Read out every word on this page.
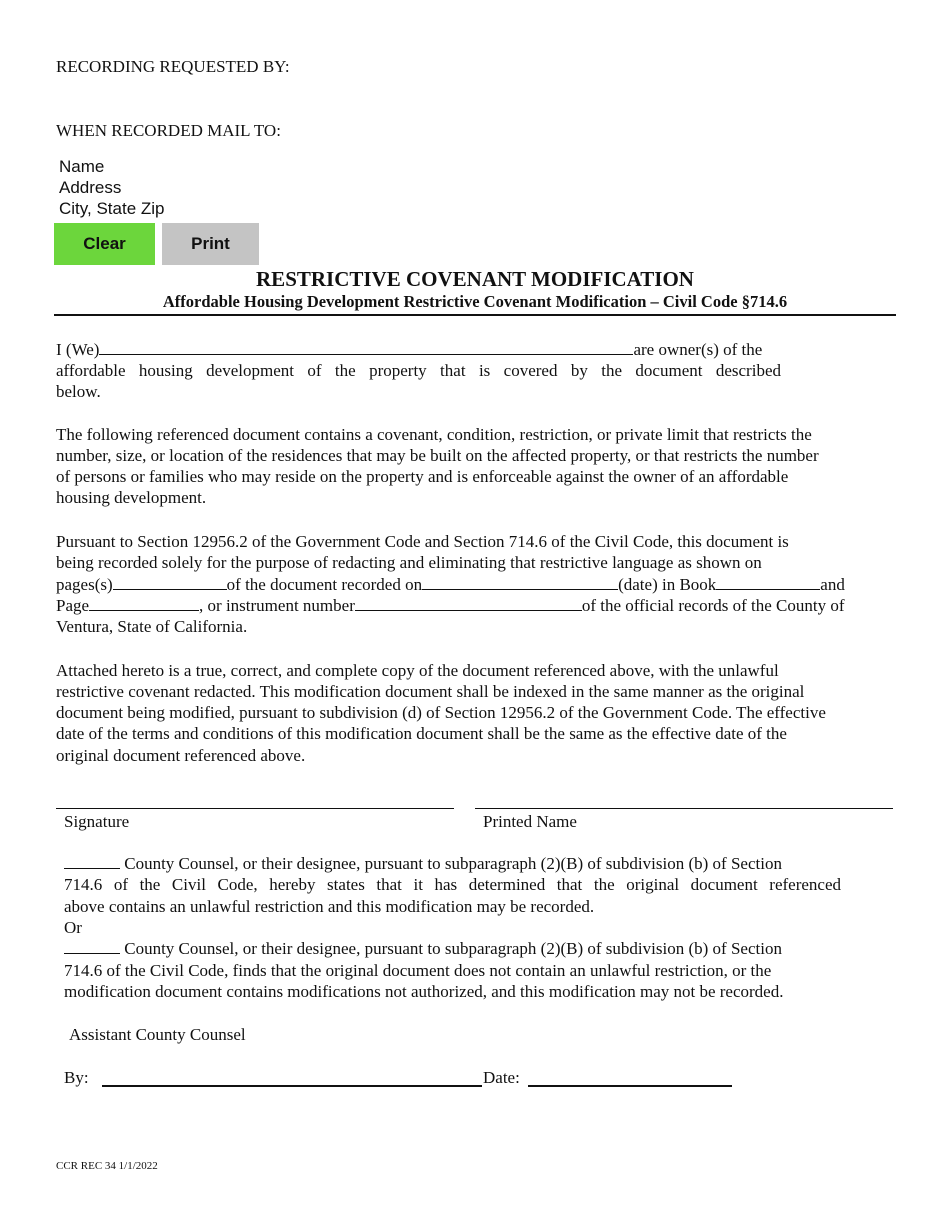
RECORDING REQUESTED BY:
WHEN RECORDED MAIL TO:
Name
Address
City, State Zip
Clear	Print
RESTRICTIVE COVENANT MODIFICATION
Affordable Housing Development Restrictive Covenant Modification – Civil Code §714.6
I (We)	are owner(s) of the
affordable housing development of the property that is covered by the document described
below.
The following referenced document contains a covenant, condition, restriction, or private limit that restricts the
number, size, or location of the residences that may be built on the affected property, or that restricts the number
of persons or families who may reside on the property and is enforceable against the owner of an affordable
housing development.
Pursuant to Section 12956.2 of the Government Code and Section 714.6 of the Civil Code, this document is
being recorded solely for the purpose of redacting and eliminating that restrictive language as shown on
pages(s)	of the document recorded on	(date) in Book	and
Page	, or instrument number	of the official records of the County of
Ventura, State of California.
Attached hereto is a true, correct, and complete copy of the document referenced above, with the unlawful
restrictive covenant redacted. This modification document shall be indexed in the same manner as the original
document being modified, pursuant to subdivision (d) of Section 12956.2 of the Government Code. The effective
date of the terms and conditions of this modification document shall be the same as the effective date of the
original document referenced above.
Signature	Printed Name
County Counsel, or their designee, pursuant to subparagraph (2)(B) of subdivision (b) of Section
714.6 of the Civil Code, hereby states that it has determined that the original document referenced
above contains an unlawful restriction and this modification may be recorded.
Or
County Counsel, or their designee, pursuant to subparagraph (2)(B) of subdivision (b) of Section
714.6 of the Civil Code, finds that the original document does not contain an unlawful restriction, or the
modification document contains modifications not authorized, and this modification may not be recorded.
Assistant County Counsel
By:	Date:
CCR REC 34 1/1/2022
